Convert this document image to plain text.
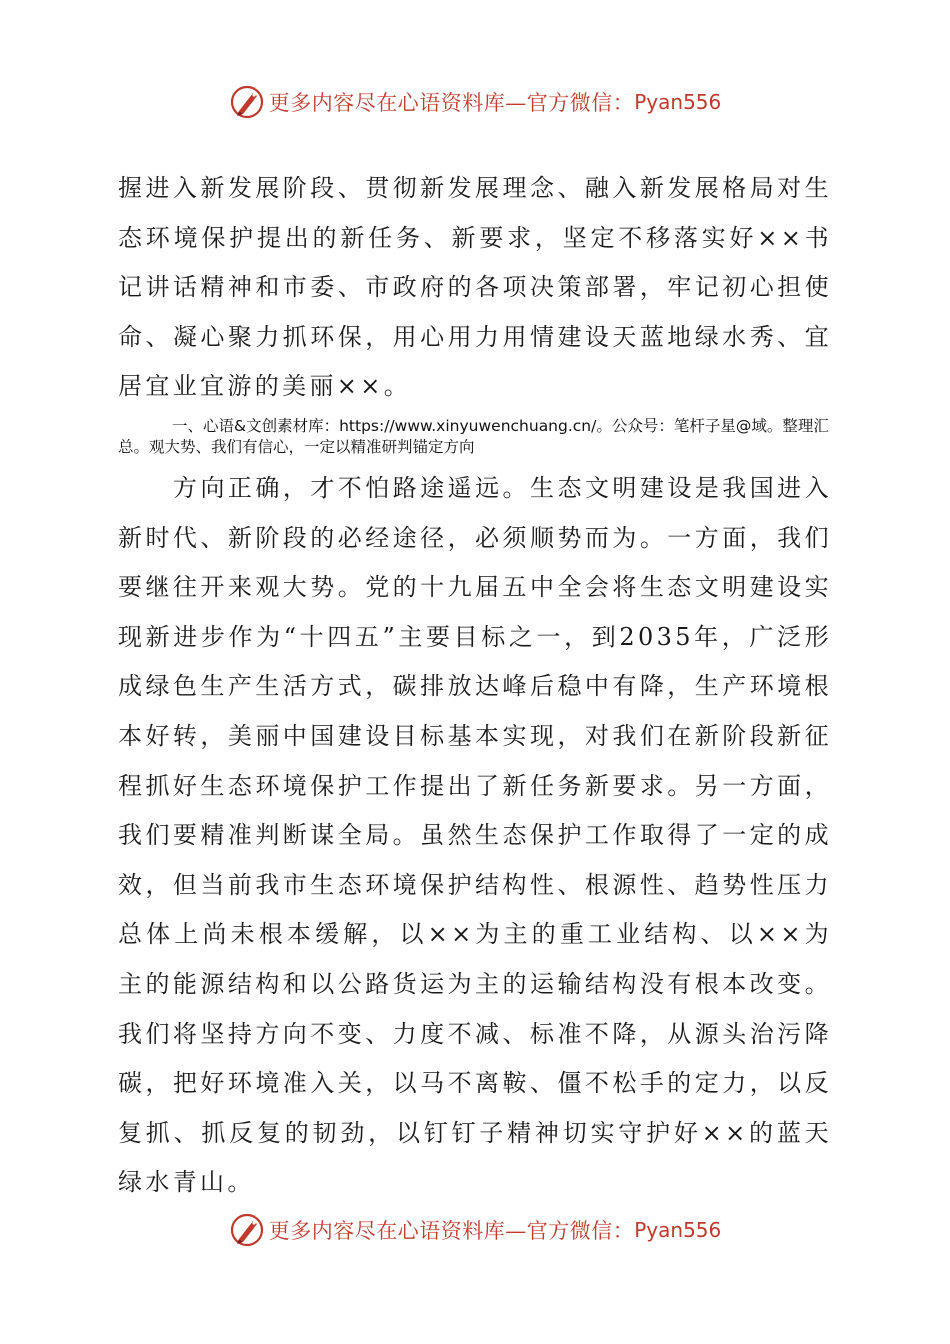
更多内容尽在心语资料库—官方微信： Pyan556

握进入新发展阶段、贯彻新发展理念、融入新发展格局对生态环境保护提出的新任务、新要求，坚定不移落实好××书记讲话精神和市委、市政府的各项决策部署，牢记初心担使命、凝心聚力抓环保，用心用力用情建设天蓝地绿水秀、宜居宜业宜游的美丽××。

一、心语&文创素材库：https://www.xinyuwenchuang.cn/。公众号：笔杆子星@域。整理汇总。观大势、我们有信心，一定以精准研判锚定方向

方向正确，才不怕路途遥远。生态文明建设是我国进入新时代、新阶段的必经途径，必须顺势而为。一方面，我们要继往开来观大势。党的十九届五中全会将生态文明建设实现新进步作为“十四五”主要目标之一，到2035年，广泛形成绿色生产生活方式，碳排放达峰后稳中有降，生产环境根本好转，美丽中国建设目标基本实现，对我们在新阶段新征程抓好生态环境保护工作提出了新任务新要求。另一方面，我们要精准判断谋全局。虽然生态保护工作取得了一定的成效，但当前我市生态环境保护结构性、根源性、趋势性压力总体上尚未根本缓解，以××为主的重工业结构、以××为主的能源结构和以公路货运为主的运输结构没有根本改变。我们将坚持方向不变、力度不减、标准不降，从源头治污降碳，把好环境准入关，以马不离鞍、僵不松手的定力，以反复抓、抓反复的韧劲，以钉钉子精神切实守护好××的蓝天绿水青山。

更多内容尽在心语资料库—官方微信： Pyan556
